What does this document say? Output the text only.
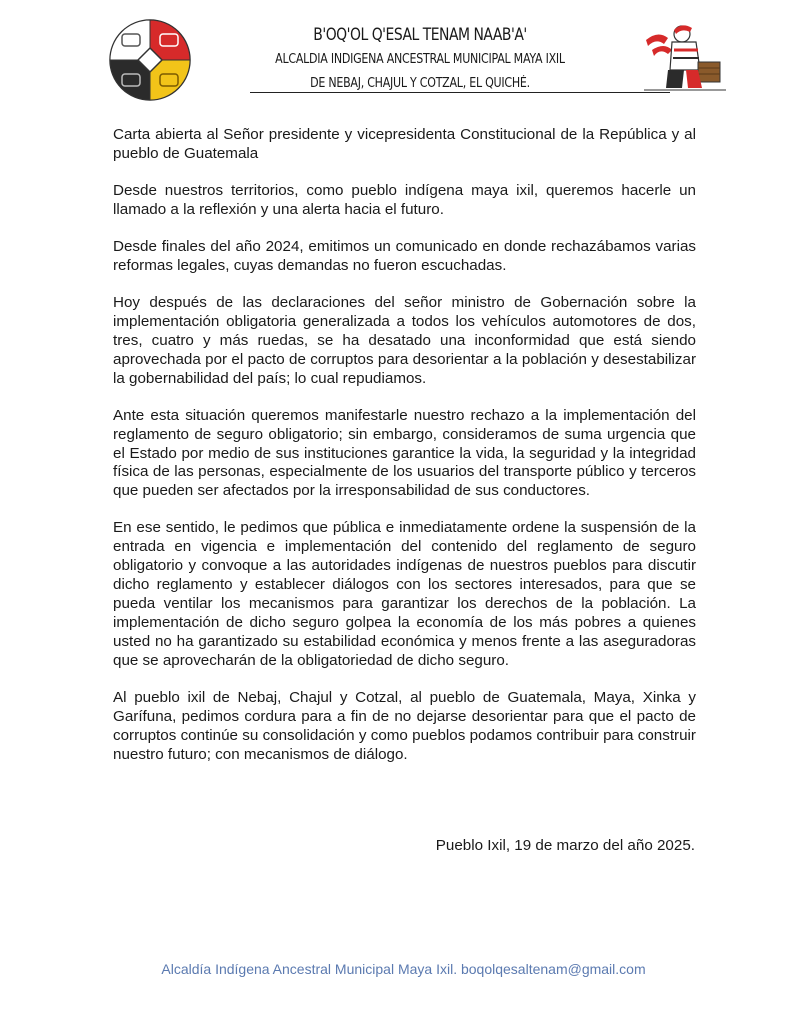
B'OQ'OL Q'ESAL TENAM NAAB'A'
ALCALDIA INDIGENA ANCESTRAL MUNICIPAL MAYA IXIL
DE NEBAJ, CHAJUL Y COTZAL, EL QUICHÉ.

Carta abierta al Señor presidente y vicepresidenta Constitucional de la República y al pueblo de Guatemala

Desde nuestros territorios, como pueblo indígena maya ixil, queremos hacerle un llamado a la reflexión y una alerta hacia el futuro.

Desde finales del año 2024, emitimos un comunicado en donde rechazábamos varias reformas legales, cuyas demandas no fueron escuchadas.

Hoy después de las declaraciones del señor ministro de Gobernación sobre la implementación obligatoria generalizada a todos los vehículos automotores de dos, tres, cuatro y más ruedas, se ha desatado una inconformidad que está siendo aprovechada por el pacto de corruptos para desorientar a la población y desestabilizar la gobernabilidad del país; lo cual repudiamos.

Ante esta situación queremos manifestarle nuestro rechazo a la implementación del reglamento de seguro obligatorio; sin embargo, consideramos de suma urgencia que el Estado por medio de sus instituciones garantice la vida, la seguridad y la integridad física de las personas, especialmente de los usuarios del transporte público y terceros que pueden ser afectados por la irresponsabilidad de sus conductores.

En ese sentido, le pedimos que pública e inmediatamente ordene la suspensión de la entrada en vigencia e implementación del contenido del reglamento de seguro obligatorio y convoque a las autoridades indígenas de nuestros pueblos para discutir dicho reglamento y establecer diálogos con los sectores interesados, para que se pueda ventilar los mecanismos para garantizar los derechos de la población. La implementación de dicho seguro golpea la economía de los más pobres a quienes usted no ha garantizado su estabilidad económica y menos frente a las aseguradoras que se aprovecharán de la obligatoriedad de dicho seguro.

Al pueblo ixil de Nebaj, Chajul y Cotzal, al pueblo de Guatemala, Maya, Xinka y Garífuna, pedimos cordura para a fin de no dejarse desorientar para que el pacto de corruptos continúe su consolidación y como pueblos podamos contribuir para construir nuestro futuro; con mecanismos de diálogo.

Pueblo Ixil, 19 de marzo del año 2025.
Alcaldía Indígena Ancestral Municipal Maya Ixil. boqolqesaltenam@gmail.com
